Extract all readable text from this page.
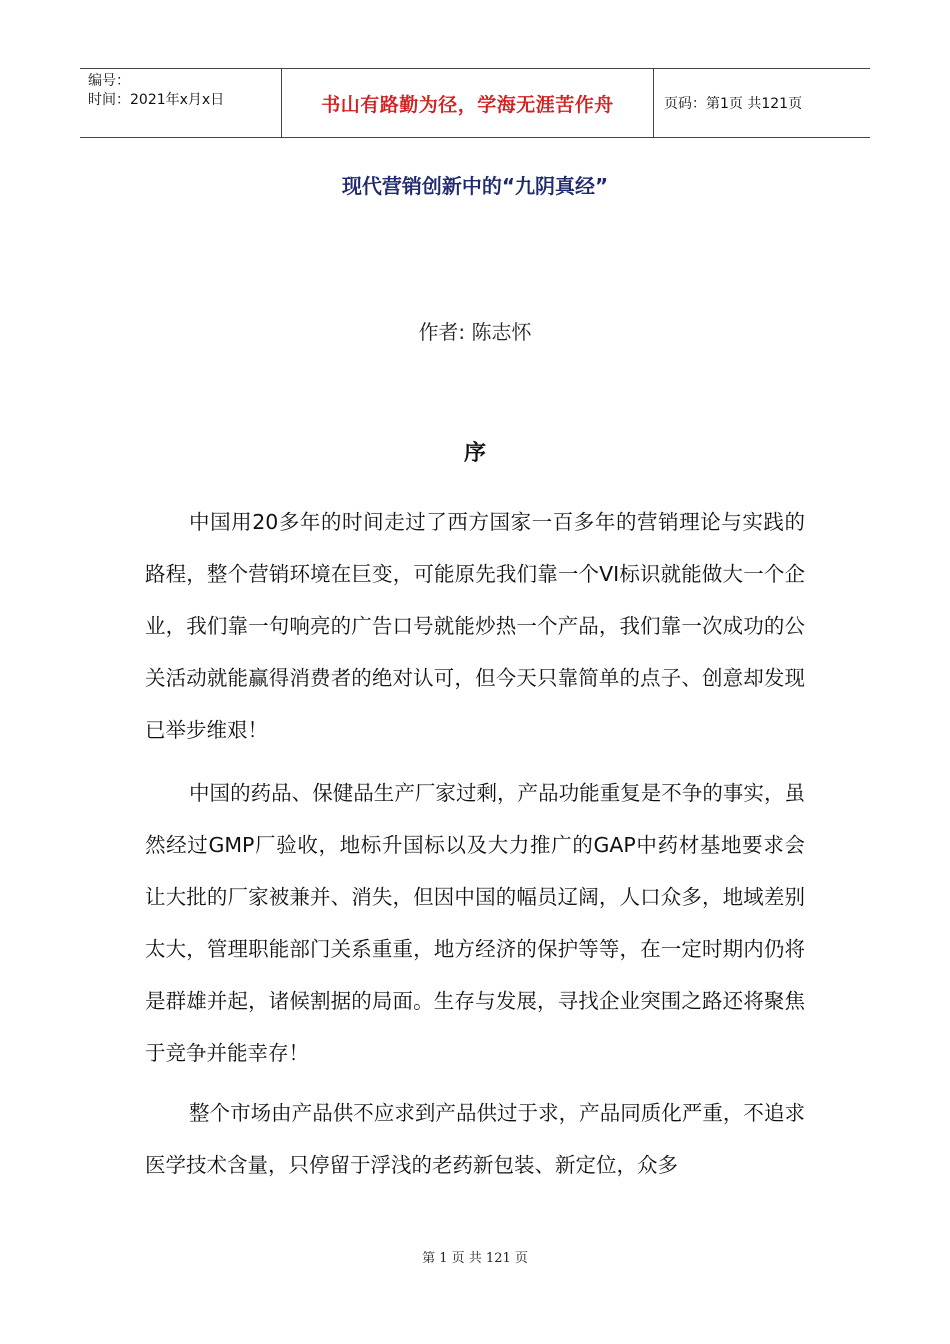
编号：
时间：2021年x月x日	书山有路勤为径，学海无涯苦作舟	页码：第1页 共121页
现代营销创新中的“九阴真经”
作者: 陈志怀
序

中国用20多年的时间走过了西方国家一百多年的营销理论与实践的路程，整个营销环境在巨变，可能原先我们靠一个VI标识就能做大一个企业，我们靠一句响亮的广告口号就能炒热一个产品，我们靠一次成功的公关活动就能赢得消费者的绝对认可，但今天只靠简单的点子、创意却发现已举步维艰！

中国的药品、保健品生产厂家过剩，产品功能重复是不争的事实，虽然经过GMP厂验收，地标升国标以及大力推广的GAP中药材基地要求会让大批的厂家被兼并、消失，但因中国的幅员辽阔，人口众多，地域差别太大，管理职能部门关系重重，地方经济的保护等等，在一定时期内仍将是群雄并起，诸候割据的局面。生存与发展，寻找企业突围之路还将聚焦于竞争并能幸存！

整个市场由产品供不应求到产品供过于求，产品同质化严重，不追求医学技术含量，只停留于浮浅的老药新包装、新定位，众多

第 1 页 共 121 页
